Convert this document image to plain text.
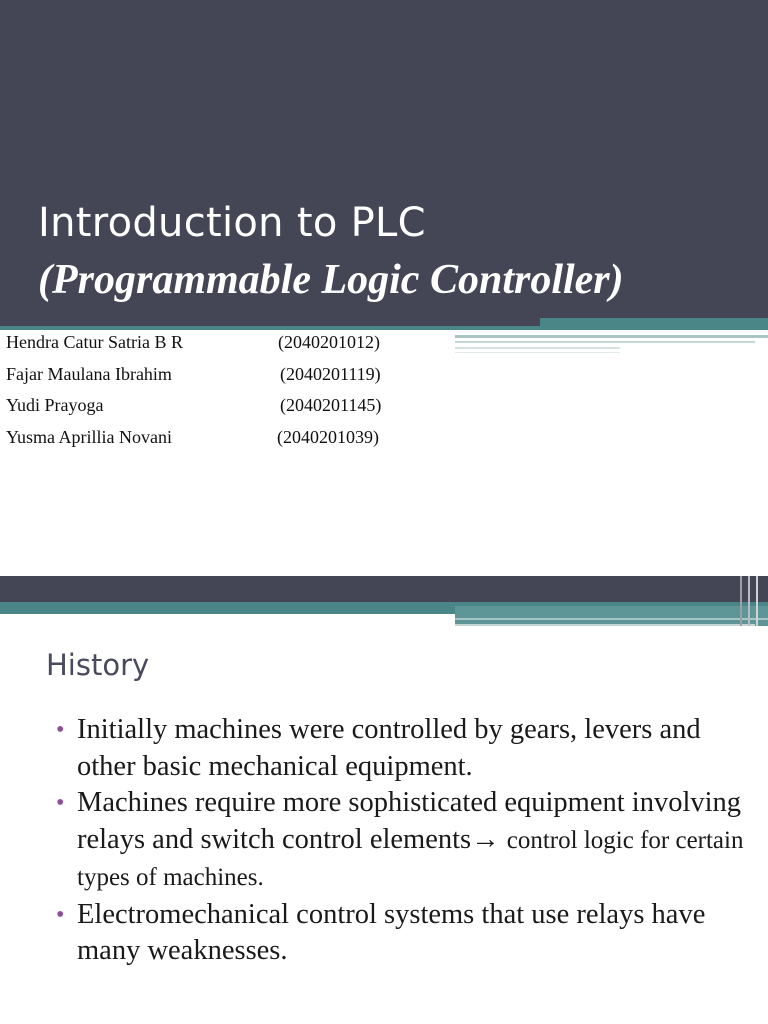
Introduction to PLC
(Programmable Logic Controller)
Hendra Catur Satria B R	(2040201012)
Fajar Maulana Ibrahim	(2040201119)
Yudi Prayoga	(2040201145)
Yusma Aprillia Novani	(2040201039)
History
• Initially machines were controlled by gears, levers and other basic mechanical equipment.
• Machines require more sophisticated equipment involving relays and switch control elements→ control logic for certain types of machines.
• Electromechanical control systems that use relays have many weaknesses.
